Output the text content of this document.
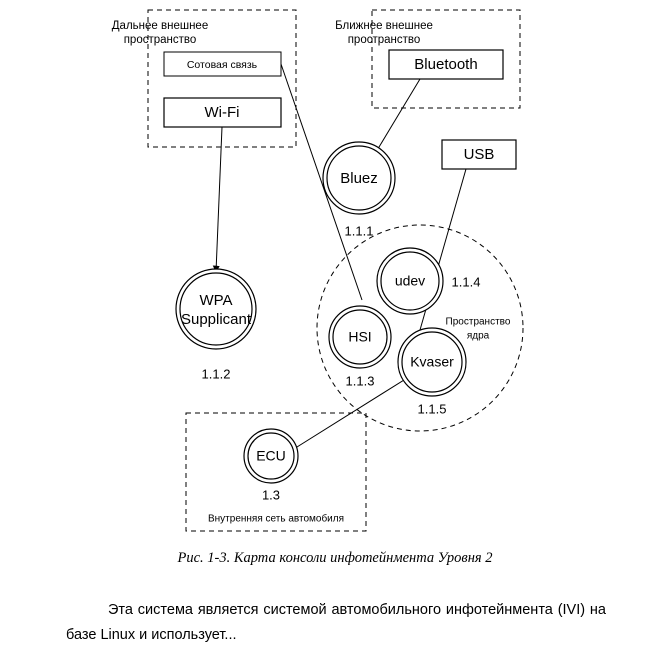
Дальнее внешнее
пространство
Сотовая связь
Wi-Fi
Ближнее внешнее
пространство
Bluetooth
USB
Пространство
ядра
Внутренняя сеть автомобиля
Bluez
1.1.1
WPA
Supplicant
1.1.2
udev 1.1.4
HSI
1.1.3
Kvaser
1.1.5
ECU
1.3
Рис. 1-3. Карта консоли инфотейнмента Уровня 2
Эта система является системой автомобильного инфотейнмента (IVI) на базе Linux и использует...
